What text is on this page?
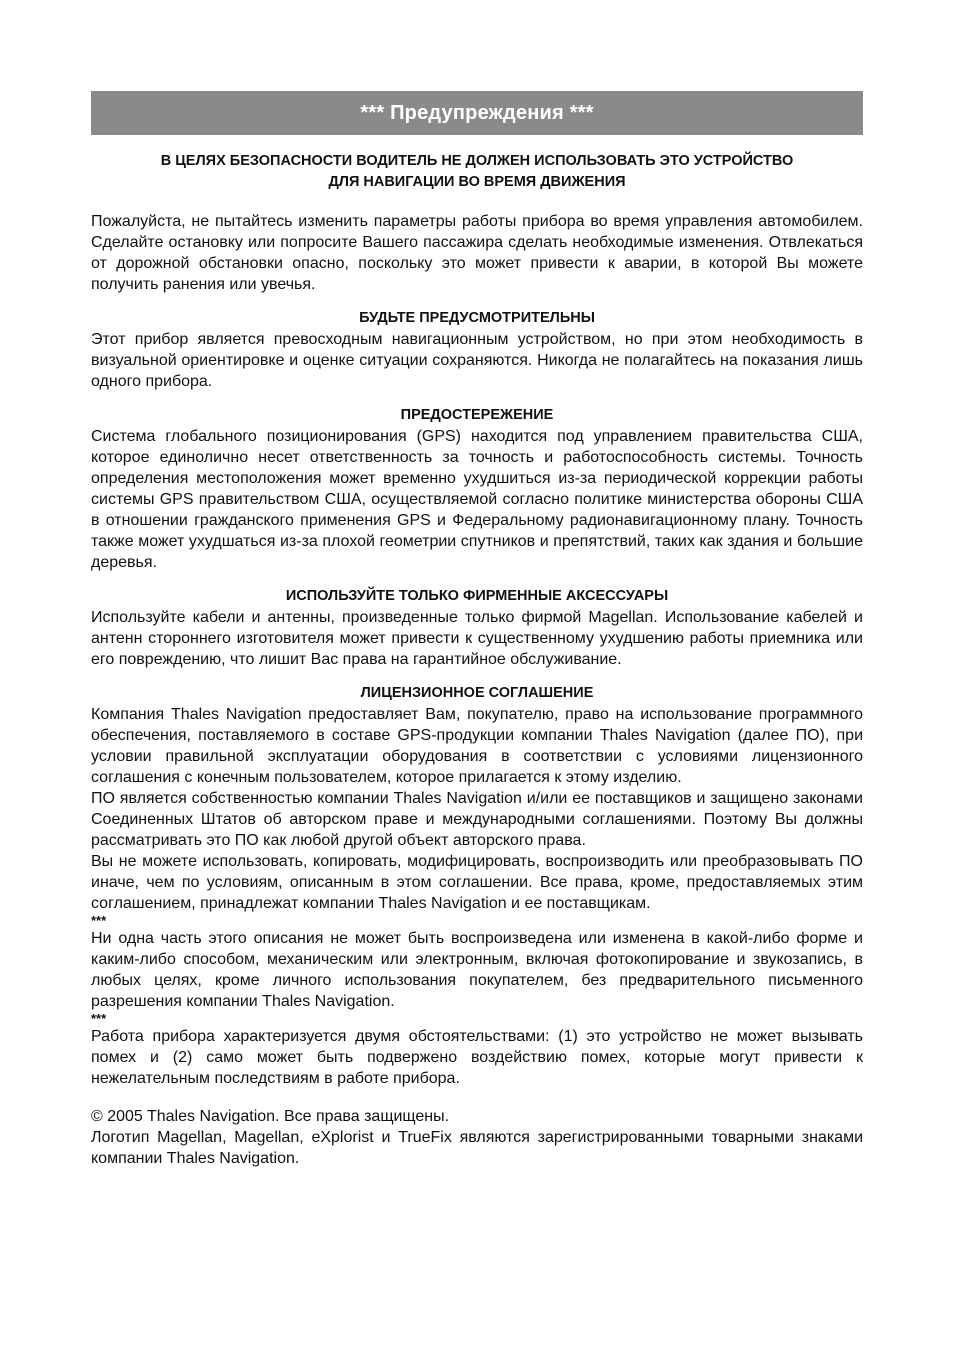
*** Предупреждения ***
В ЦЕЛЯХ БЕЗОПАСНОСТИ ВОДИТЕЛЬ НЕ ДОЛЖЕН ИСПОЛЬЗОВАТЬ ЭТО УСТРОЙСТВО
ДЛЯ НАВИГАЦИИ ВО ВРЕМЯ ДВИЖЕНИЯ

Пожалуйста, не пытайтесь изменить параметры работы прибора во время управления автомобилем. Сделайте остановку или попросите Вашего пассажира сделать необходимые изменения. Отвлекаться от дорожной обстановки опасно, поскольку это может привести к аварии, в которой Вы можете получить ранения или увечья.

БУДЬТЕ ПРЕДУСМОТРИТЕЛЬНЫ

Этот прибор является превосходным навигационным устройством, но при этом необходимость в визуальной ориентировке и оценке ситуации сохраняются. Никогда не полагайтесь на показания лишь одного прибора.

ПРЕДОСТЕРЕЖЕНИЕ

Система глобального позиционирования (GPS) находится под управлением правительства США, которое единолично несет ответственность за точность и работоспособность системы. Точность определения местоположения может временно ухудшиться из-за периодической коррекции работы системы GPS правительством США, осуществляемой согласно политике министерства обороны США в отношении гражданского применения GPS и Федеральному радионавигационному плану. Точность также может ухудшаться из-за плохой геометрии спутников и препятствий, таких как здания и большие деревья.

ИСПОЛЬЗУЙТЕ ТОЛЬКО ФИРМЕННЫЕ АКСЕССУАРЫ

Используйте кабели и антенны, произведенные только фирмой Magellan. Использование кабелей и антенн стороннего изготовителя может привести к существенному ухудшению работы приемника или его повреждению, что лишит Вас права на гарантийное обслуживание.

ЛИЦЕНЗИОННОЕ СОГЛАШЕНИЕ

Компания Thales Navigation предоставляет Вам, покупателю, право на использование программного обеспечения, поставляемого в составе GPS-продукции компании Thales Navigation (далее ПО), при условии правильной эксплуатации оборудования в соответствии с условиями лицензионного соглашения с конечным пользователем, которое прилагается к этому изделию.

ПО является собственностью компании Thales Navigation и/или ее поставщиков и защищено законами Соединенных Штатов об авторском праве и международными соглашениями. Поэтому Вы должны рассматривать это ПО как любой другой объект авторского права.

Вы не можете использовать, копировать, модифицировать, воспроизводить или преобразовывать ПО иначе, чем по условиям, описанным в этом соглашении. Все права, кроме, предоставляемых этим соглашением, принадлежат компании Thales Navigation и ее поставщикам.

***

Ни одна часть этого описания не может быть воспроизведена или изменена в какой-либо форме и каким-либо способом, механическим или электронным, включая фотокопирование и звукозапись, в любых целях, кроме личного использования покупателем, без предварительного письменного разрешения компании Thales Navigation.

***

Работа прибора характеризуется двумя обстоятельствами: (1) это устройство не может вызывать помех и (2) само может быть подвержено воздействию помех, которые могут привести к нежелательным последствиям в работе прибора.

© 2005 Thales Navigation. Все права защищены.

Логотип Magellan, Magellan, eXplorist и TrueFix являются зарегистрированными товарными знаками компании Thales Navigation.
